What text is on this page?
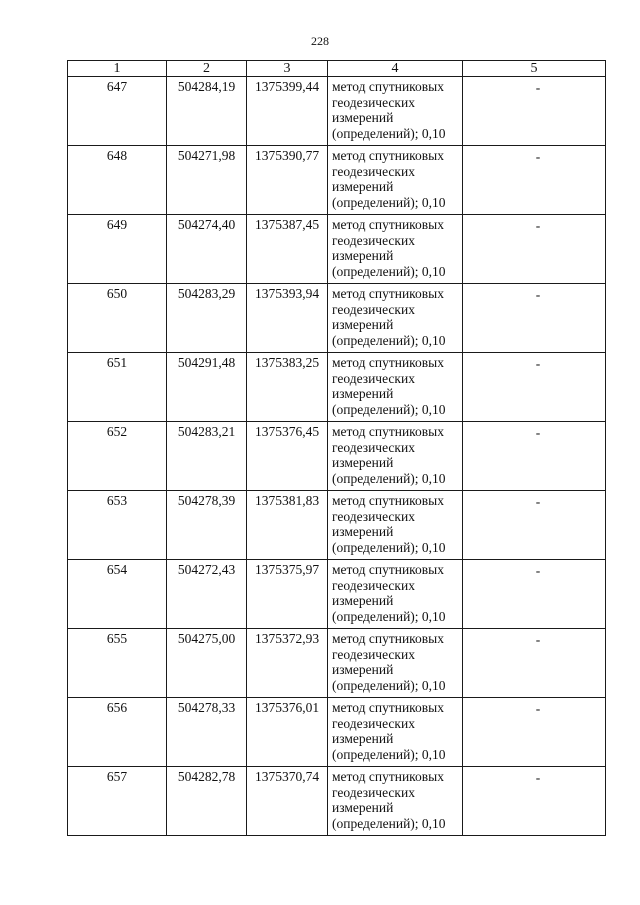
228
1	2	3	4	5
647	504284,19	1375399,44	метод спутниковых
геодезических
измерений
(определений); 0,10	-
648	504271,98	1375390,77	метод спутниковых
геодезических
измерений
(определений); 0,10	-
649	504274,40	1375387,45	метод спутниковых
геодезических
измерений
(определений); 0,10	-
650	504283,29	1375393,94	метод спутниковых
геодезических
измерений
(определений); 0,10	-
651	504291,48	1375383,25	метод спутниковых
геодезических
измерений
(определений); 0,10	-
652	504283,21	1375376,45	метод спутниковых
геодезических
измерений
(определений); 0,10	-
653	504278,39	1375381,83	метод спутниковых
геодезических
измерений
(определений); 0,10	-
654	504272,43	1375375,97	метод спутниковых
геодезических
измерений
(определений); 0,10	-
655	504275,00	1375372,93	метод спутниковых
геодезических
измерений
(определений); 0,10	-
656	504278,33	1375376,01	метод спутниковых
геодезических
измерений
(определений); 0,10	-
657	504282,78	1375370,74	метод спутниковых
геодезических
измерений
(определений); 0,10	-
